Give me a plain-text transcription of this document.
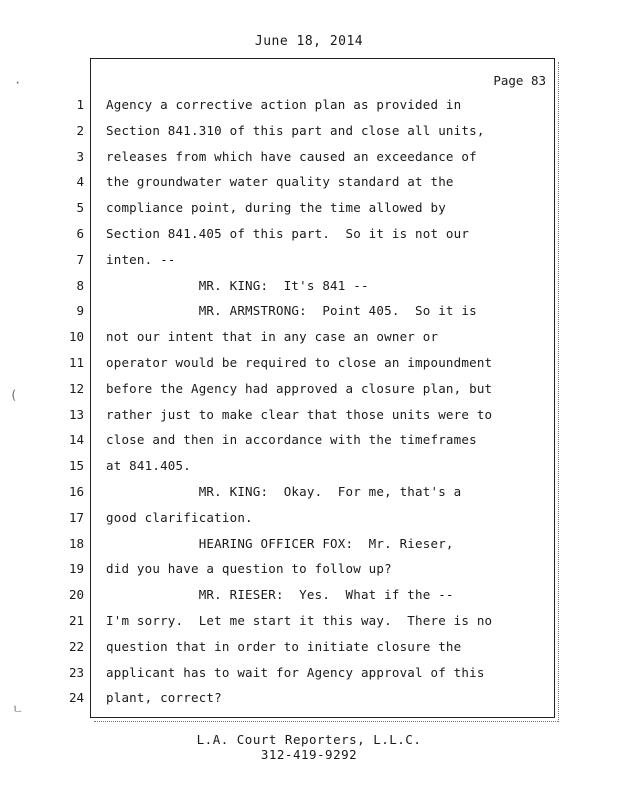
June 18, 2014
Page 83
1
2
3
4
5
6
7
8
9
10
11
12
13
14
15
16
17
18
19
20
21
22
23
24
Agency a corrective action plan as provided in
Section 841.310 of this part and close all units,
releases from which have caused an exceedance of
the groundwater water quality standard at the
compliance point, during the time allowed by
Section 841.405 of this part.  So it is not our
inten. --
MR. KING:  It's 841 --
MR. ARMSTRONG:  Point 405.  So it is
not our intent that in any case an owner or
operator would be required to close an impoundment
before the Agency had approved a closure plan, but
rather just to make clear that those units were to
close and then in accordance with the timeframes
at 841.405.
MR. KING:  Okay.  For me, that's a
good clarification.
HEARING OFFICER FOX:  Mr. Rieser,
did you have a question to follow up?
MR. RIESER:  Yes.  What if the --
I'm sorry.  Let me start it this way.  There is no
question that in order to initiate closure the
applicant has to wait for Agency approval of this
plant, correct?
L.A. Court Reporters, L.L.C.
312-419-9292
·
(
ㄴ
